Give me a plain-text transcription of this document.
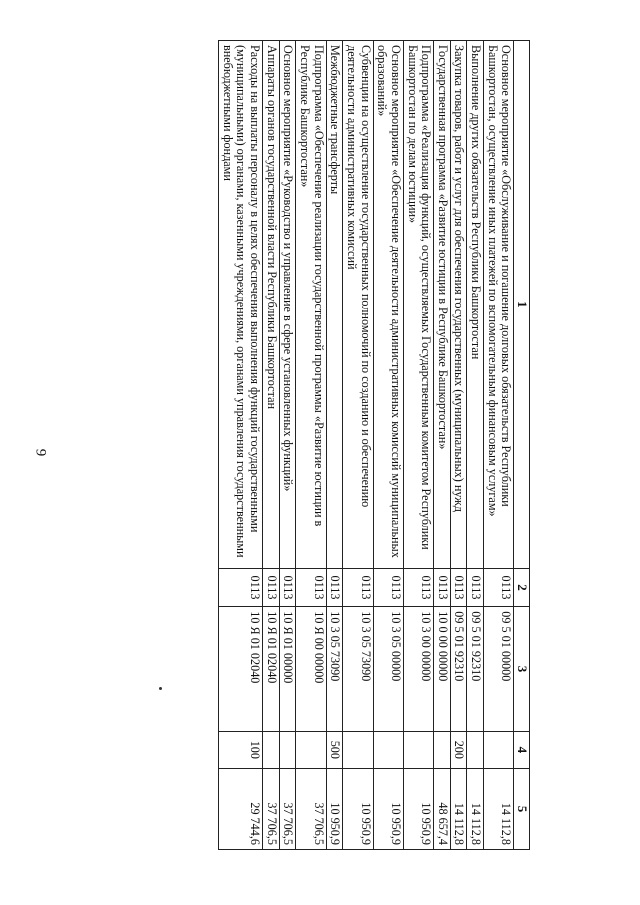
9
1	2	3	4	5
Основное мероприятие «Обслуживание и погашение долговых обязательств Республики Башкортостан, осуществление иных платежей по вспомогательным финансовым услугам»	0113	09 5 01 00000		14 112,8
Выполнение других обязательств Республики Башкортостан	0113	09 5 01 92310		14 112,8
Закупка товаров, работ и услуг для обеспечения государственных (муниципальных) нужд	0113	09 5 01 92310	200	14 112,8
Государственная программа «Развитие юстиции в Республике Башкортостан»	0113	10 0 00 00000		48 657,4
Подпрограмма «Реализация функций, осуществляемых Государственным комитетом Республики Башкортостан по делам юстиции»	0113	10 3 00 00000		10 950,9
Основное мероприятие «Обеспечение деятельности административных комиссий муниципальных образований»	0113	10 3 05 00000		10 950,9
Субвенции на осуществление государственных полномочий по созданию и обеспечению деятельности административных комиссий	0113	10 3 05 73090		10 950,9
Межбюджетные трансферты	0113	10 3 05 73090	500	10 950,9
Подпрограмма «Обеспечение реализации государственной программы «Развитие юстиции в Республике Башкортостан»	0113	10 Я 00 00000		37 706,5
Основное мероприятие «Руководство и управление в сфере установленных функций»	0113	10 Я 01 00000		37 706,5
Аппараты органов государственной власти Республики Башкортостан	0113	10 Я 01 02040		37 706,5
Расходы на выплаты персоналу в целях обеспечения выполнения функций государственными (муниципальными) органами, казенными учреждениями, органами управления государственными внебюджетными фондами	0113	10 Я 01 02040	100	29 744,6
